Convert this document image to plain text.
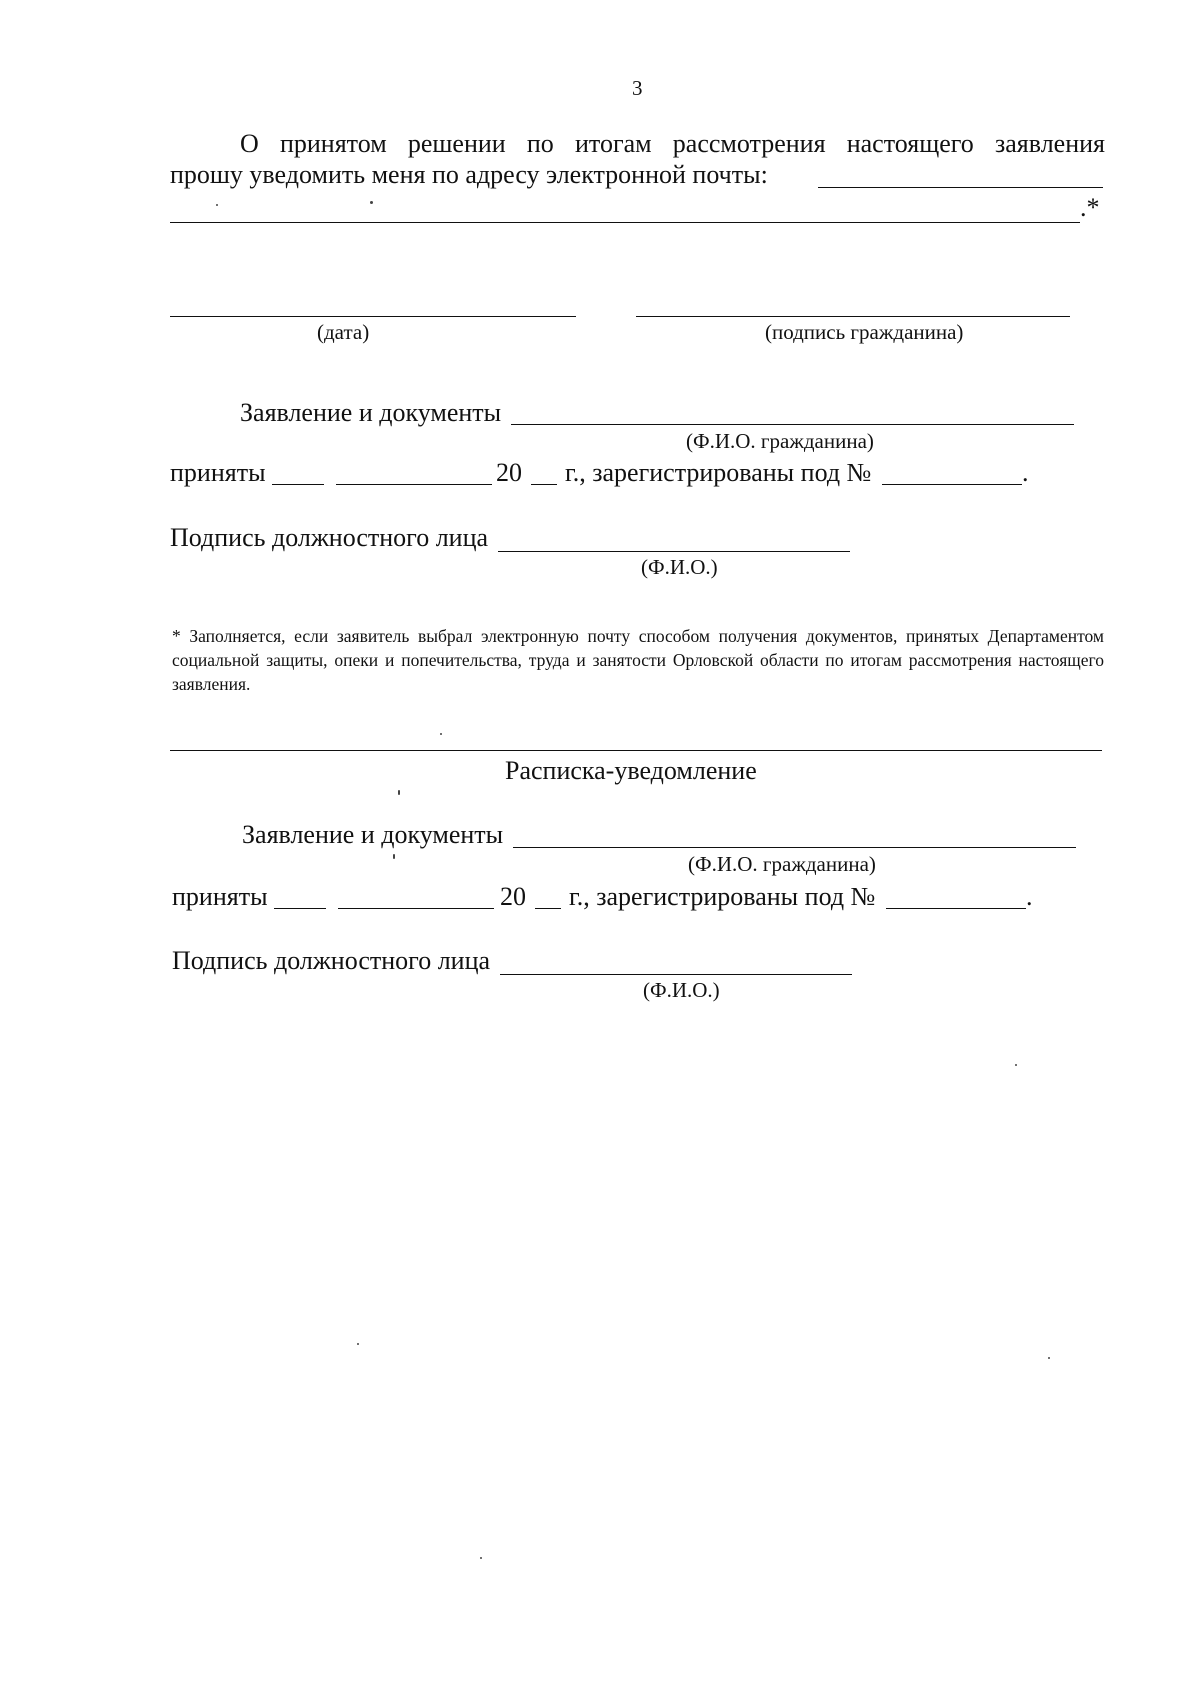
3
О принятом решении по итогам рассмотрения настоящего заявления
прошу уведомить меня по адресу электронной почты:
.*
(дата)	(подпись гражданина)
Заявление и документы
(Ф.И.О. гражданина)
приняты	20 г., зарегистрированы под №	.
Подпись должностного лица
(Ф.И.О.)
* Заполняется, если заявитель выбрал электронную почту способом получения документов, принятых Департаментом социальной защиты, опеки и попечительства, труда и занятости Орловской области по итогам рассмотрения настоящего заявления.
Расписка-уведомление
Заявление и документы
(Ф.И.О. гражданина)
приняты	20 г., зарегистрированы под №	.
Подпись должностного лица
(Ф.И.О.)
